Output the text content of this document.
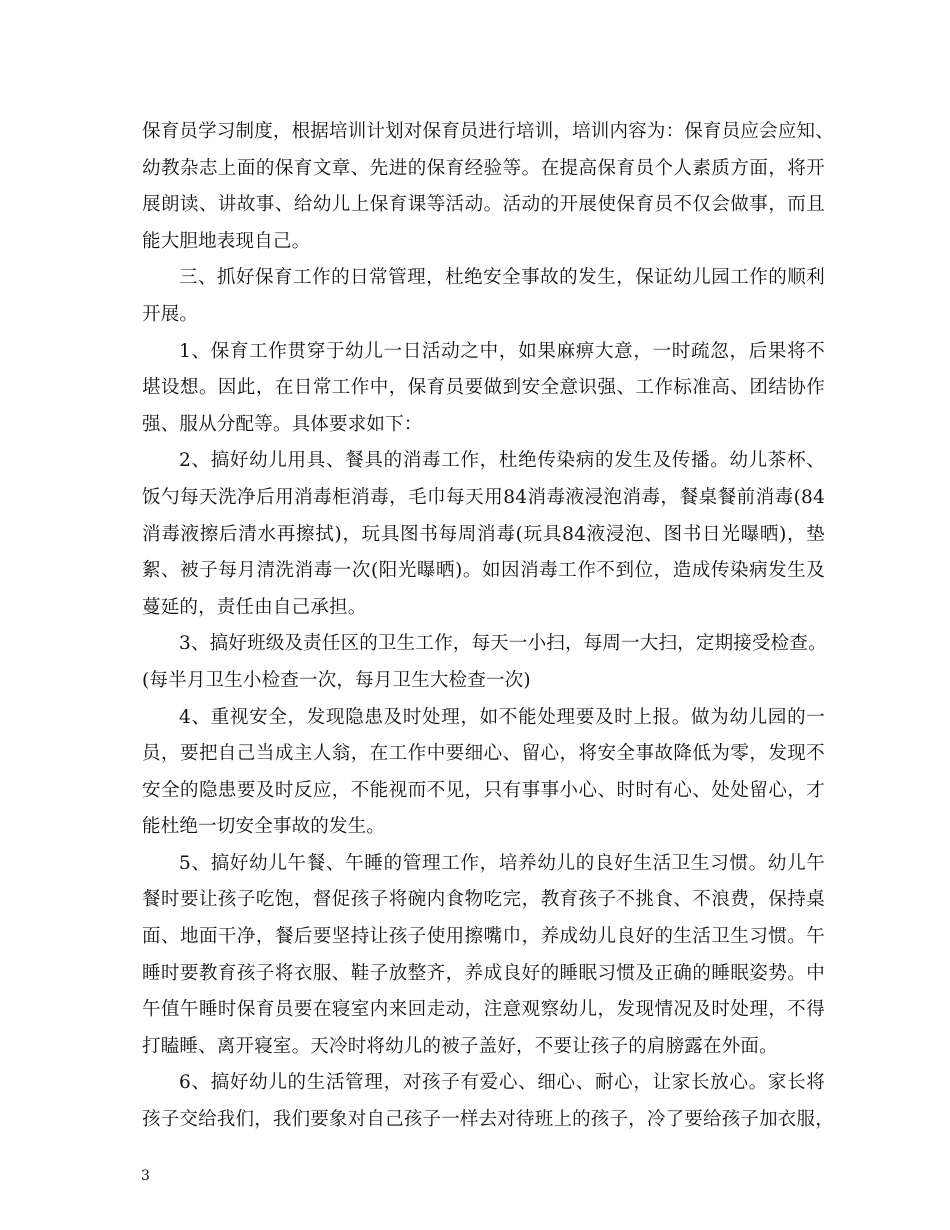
保育员学习制度，根据培训计划对保育员进行培训，培训内容为：保育员应会应知、
幼教杂志上面的保育文章、先进的保育经验等。在提高保育员个人素质方面，将开
展朗读、讲故事、给幼儿上保育课等活动。活动的开展使保育员不仅会做事，而且
能大胆地表现自己。
三、抓好保育工作的日常管理，杜绝安全事故的发生，保证幼儿园工作的顺利
开展。
1、保育工作贯穿于幼儿一日活动之中，如果麻痹大意，一时疏忽，后果将不
堪设想。因此，在日常工作中，保育员要做到安全意识强、工作标准高、团结协作
强、服从分配等。具体要求如下：
2、搞好幼儿用具、餐具的消毒工作，杜绝传染病的发生及传播。幼儿茶杯、
饭勺每天洗净后用消毒柜消毒，毛巾每天用84消毒液浸泡消毒，餐桌餐前消毒(84
消毒液擦后清水再擦拭)，玩具图书每周消毒(玩具84液浸泡、图书日光曝晒)，垫
絮、被子每月清洗消毒一次(阳光曝晒)。如因消毒工作不到位，造成传染病发生及
蔓延的，责任由自己承担。
3、搞好班级及责任区的卫生工作，每天一小扫，每周一大扫，定期接受检查。
(每半月卫生小检查一次，每月卫生大检查一次)
4、重视安全，发现隐患及时处理，如不能处理要及时上报。做为幼儿园的一
员，要把自己当成主人翁，在工作中要细心、留心，将安全事故降低为零，发现不
安全的隐患要及时反应，不能视而不见，只有事事小心、时时有心、处处留心，才
能杜绝一切安全事故的发生。
5、搞好幼儿午餐、午睡的管理工作，培养幼儿的良好生活卫生习惯。幼儿午
餐时要让孩子吃饱，督促孩子将碗内食物吃完，教育孩子不挑食、不浪费，保持桌
面、地面干净，餐后要坚持让孩子使用擦嘴巾，养成幼儿良好的生活卫生习惯。午
睡时要教育孩子将衣服、鞋子放整齐，养成良好的睡眠习惯及正确的睡眠姿势。中
午值午睡时保育员要在寝室内来回走动，注意观察幼儿，发现情况及时处理，不得
打瞌睡、离开寝室。天冷时将幼儿的被子盖好，不要让孩子的肩膀露在外面。
6、搞好幼儿的生活管理，对孩子有爱心、细心、耐心，让家长放心。家长将
孩子交给我们，我们要象对自己孩子一样去对待班上的孩子，冷了要给孩子加衣服，
3
